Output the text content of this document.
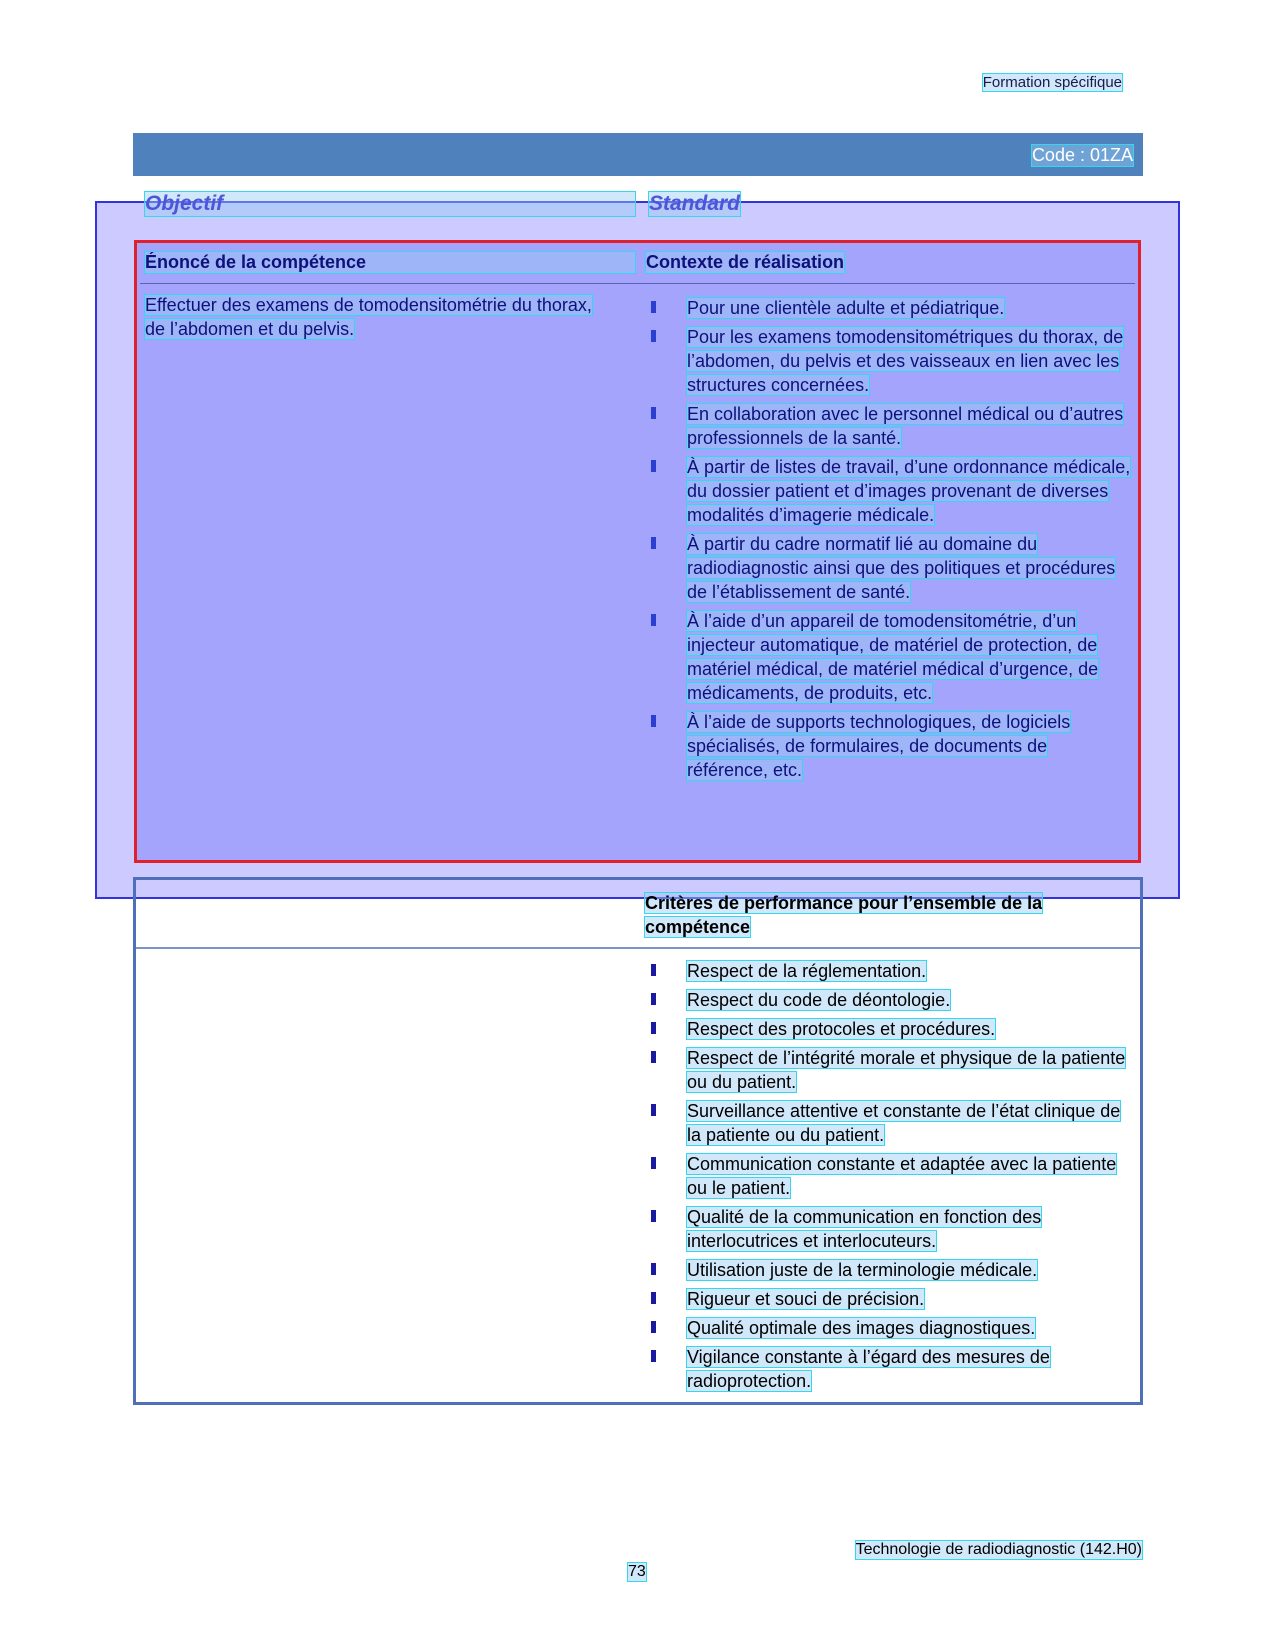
Formation spécifique
Code : 01ZA
Objectif	Standard
Énoncé de la compétence	Contexte de réalisation
Effectuer des examens de tomodensitométrie du thorax, de l’abdomen et du pelvis.
Pour une clientèle adulte et pédiatrique.
Pour les examens tomodensitométriques du thorax, de l’abdomen, du pelvis et des vaisseaux en lien avec les structures concernées.
En collaboration avec le personnel médical ou d’autres professionnels de la santé.
À partir de listes de travail, d’une ordonnance médicale, du dossier patient et d’images provenant de diverses modalités d’imagerie médicale.
À partir du cadre normatif lié au domaine du radiodiagnostic ainsi que des politiques et procédures de l’établissement de santé.
À l’aide d’un appareil de tomodensitométrie, d’un injecteur automatique, de matériel de protection, de matériel médical, de matériel médical d’urgence, de médicaments, de produits, etc.
À l’aide de supports technologiques, de logiciels spécialisés, de formulaires, de documents de référence, etc.
Critères de performance pour l’ensemble de la compétence
Respect de la réglementation.
Respect du code de déontologie.
Respect des protocoles et procédures.
Respect de l’intégrité morale et physique de la patiente ou du patient.
Surveillance attentive et constante de l’état clinique de la patiente ou du patient.
Communication constante et adaptée avec la patiente ou le patient.
Qualité de la communication en fonction des interlocutrices et interlocuteurs.
Utilisation juste de la terminologie médicale.
Rigueur et souci de précision.
Qualité optimale des images diagnostiques.
Vigilance constante à l’égard des mesures de radioprotection.
Technologie de radiodiagnostic (142.H0)
73
